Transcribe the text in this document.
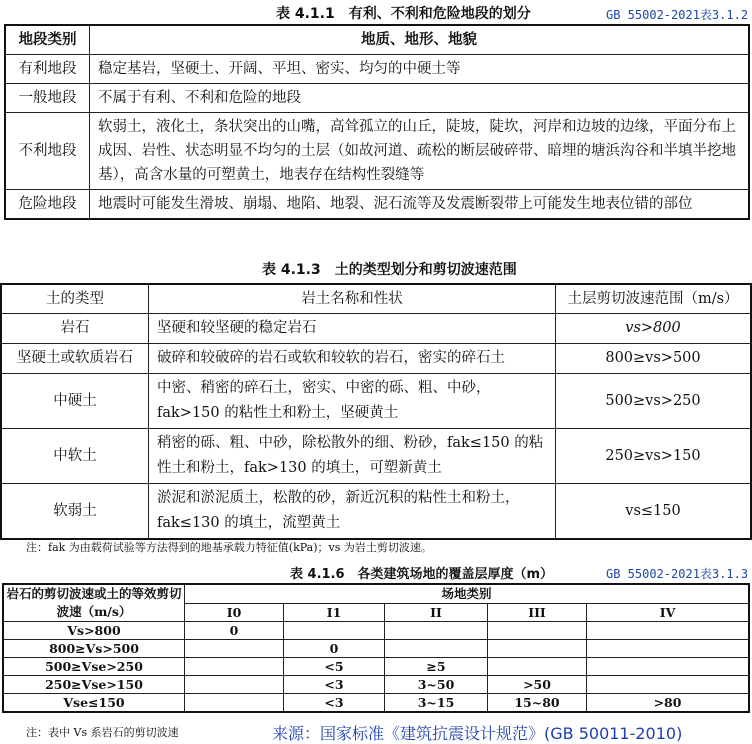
表 4.1.1　有利、不利和危险地段的划分	GB 55002-2021表3.1.2
地段类别	地质、地形、地貌
有利地段	稳定基岩，坚硬土、开阔、平坦、密实、均匀的中硬土等
一般地段	不属于有利、不利和危险的地段
不利地段	软弱土，液化土，条状突出的山嘴，高耸孤立的山丘，陡坡，陡坎，河岸和边坡的边缘，平面分布上成因、岩性、状态明显不均匀的土层（如故河道、疏松的断层破碎带、暗埋的塘浜沟谷和半填半挖地基），高含水量的可塑黄土，地表存在结构性裂缝等
危险地段	地震时可能发生滑坡、崩塌、地陷、地裂、泥石流等及发震断裂带上可能发生地表位错的部位
表 4.1.3　土的类型划分和剪切波速范围
土的类型	岩土名称和性状	土层剪切波速范围（m/s）
岩石	坚硬和较坚硬的稳定岩石	vs>800
坚硬土或软质岩石	破碎和较破碎的岩石或软和较软的岩石，密实的碎石土	800≥vs>500
中硬土	中密、稍密的碎石土，密实、中密的砾、粗、中砂，fak>150 的粘性土和粉土，坚硬黄土	500≥vs>250
中软土	稍密的砾、粗、中砂，除松散外的细、粉砂，fak≤150 的粘性土和粉土，fak>130 的填土，可塑新黄土	250≥vs>150
软弱土	淤泥和淤泥质土，松散的砂，新近沉积的粘性土和粉土，fak≤130 的填土，流塑黄土	vs≤150
注：fak 为由载荷试验等方法得到的地基承载力特征值(kPa)；vs 为岩土剪切波速。
表 4.1.6　各类建筑场地的覆盖层厚度（m）	GB 55002-2021表3.1.3
岩石的剪切波速或土的等效剪切波速（m/s）	场地类别				
	I0	I1	II	III	IV
Vs>800	0				
800≥Vs>500		0			
500≥Vse>250		<5	≥5		
250≥Vse>150		<3	3~50	>50	
Vse≤150		<3	3~15	15~80	>80
注：表中 Vs 系岩石的剪切波速	来源：国家标准《建筑抗震设计规范》(GB 50011-2010)
